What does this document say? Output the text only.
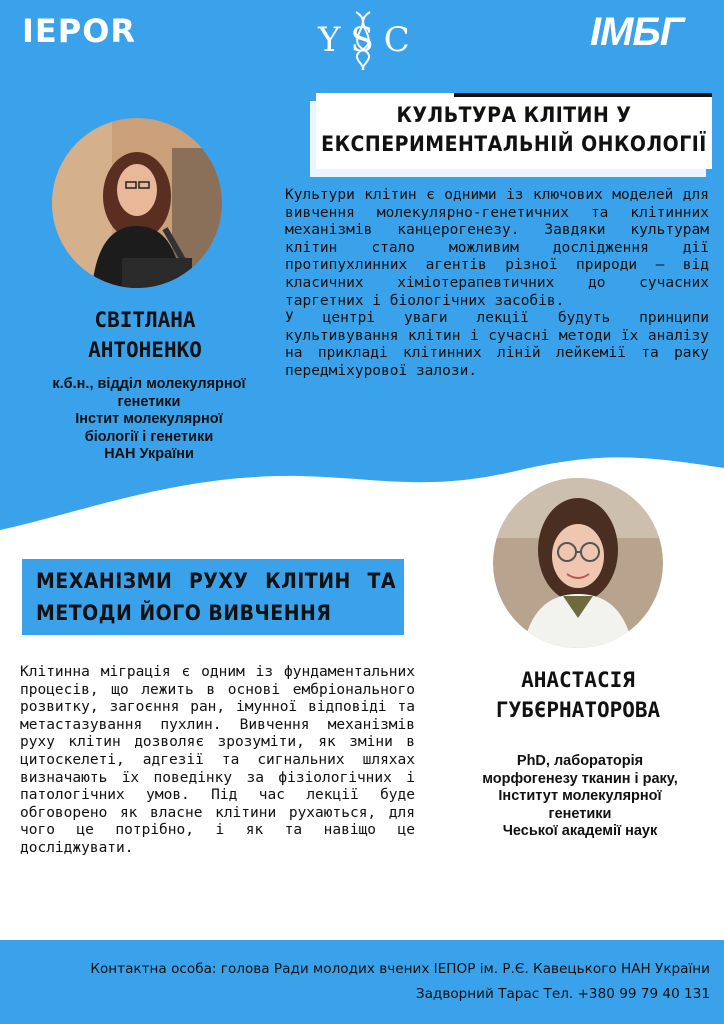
IEPOR	YSC	ІМБГ
КУЛЬТУРА КЛІТИН У ЕКСПЕРИМЕНТАЛЬНІЙ ОНКОЛОГІЇ
Культури клітин є одними із ключових моделей для вивчення молекулярно-генетичних та клітинних механізмів канцерогенезу. Завдяки культурам клітин стало можливим дослідження дії протипухлинних агентів різної природи – від класичних хіміотерапевтичних до сучасних таргетних і біологічних засобів.
У центрі уваги лекції будуть принципи культивування клітин і сучасні методи їх аналізу на прикладі клітинних ліній лейкемії та раку передміхурової залози.
СВІТЛАНА
АНТОНЕНКО
к.б.н., відділ молекулярної
генетики
Інстит молекулярної
біології і генетики
НАН України
МЕХАНІЗМИ РУХУ КЛІТИН ТА МЕТОДИ ЙОГО ВИВЧЕННЯ
Клітинна міграція є одним із фундаментальних процесів, що лежить в основі ембріонального розвитку, загоєння ран, імунної відповіді та метастазування пухлин. Вивчення механізмів руху клітин дозволяє зрозуміти, як зміни в цитоскелеті, адгезії та сигнальних шляхах визначають їх поведінку за фізіологічних і патологічних умов. Під час лекції буде обговорено як власне клітини рухаються, для чого це потрібно, і як та навіщо це досліджувати.
АНАСТАСІЯ
ГУБЄРНАТОРОВА
PhD, лабораторія
морфогенезу тканин і раку,
Інститут молекулярної
генетики
Чеської академії наук
Контактна особа: голова Ради молодих вчених ІЕПОР ім. Р.Є. Кавецького НАН України
Задворний Тарас Тел. +380 99 79 40 131
